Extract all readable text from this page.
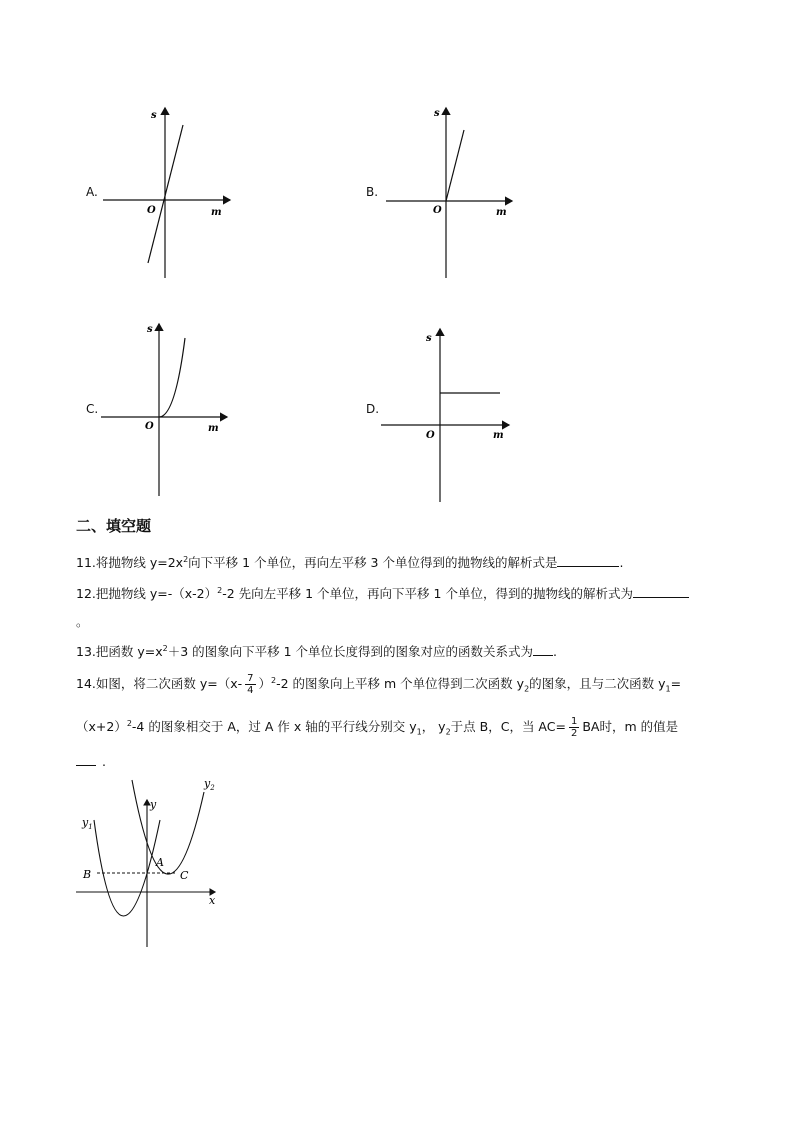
A.
s
O	m
B.
s
O	m
C.
s
O	m
D.
s
O	m
二、填空题
11.将抛物线 $y=2x^2$向下平移 1 个单位，再向左平移 3 个单位得到的抛物线的解析式是	.
12.把抛物线 $y=-(x-2)^2-2$ 先向左平移 1 个单位，再向下平移 1 个单位，得到的抛物线的解析式为
。
13.把函数 $y=x^2+3$ 的图象向下平移 1 个单位长度得到的图象对应的函数关系式为 .
14.如图，将二次函数 $y=(x- \frac{7}{4} )^2-2$ 的图象向上平移 m 个单位得到二次函数 $y_2$的图象，且与二次函数 $y_1=$
$(x+2)^2-4$ 的图象相交于 A，过 A 作 x 轴的平行线分别交 $y_1$， $y_2$于点 B，C，当 $AC= \frac{1}{2}$ BA时，m 的值是
.
$y_1$
$y_2$
y
x
A
B	C
